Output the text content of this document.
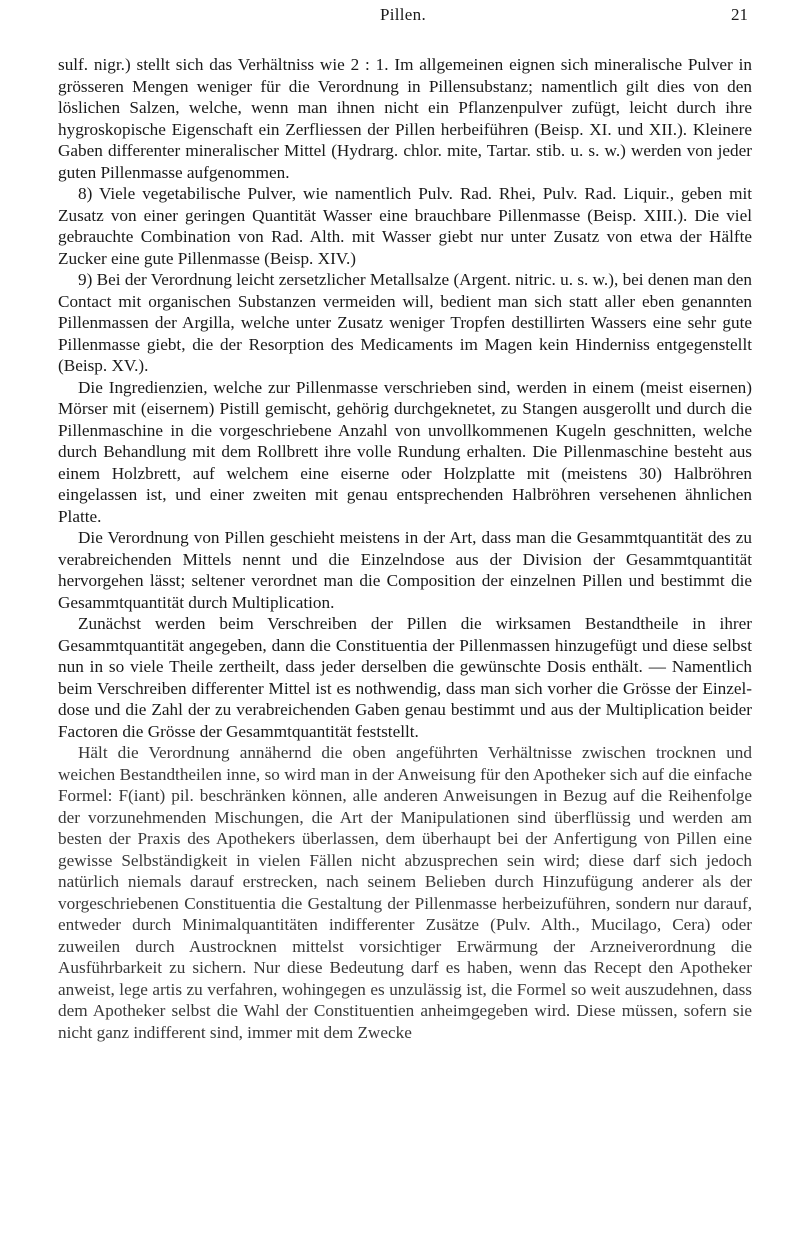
Pillen.	21

sulf. nigr.) stellt sich das Verhältniss wie 2 : 1. Im allgemeinen eignen sich mineralische Pulver in grösseren Mengen weniger für die Verordnung in Pillensubstanz; namentlich gilt dies von den löslichen Salzen, welche, wenn man ihnen nicht ein Pflanzenpulver zufügt, leicht durch ihre hygroskopische Eigenschaft ein Zerfliessen der Pillen herbeiführen (Beisp. XI. und XII.). Kleinere Gaben differenter mineralischer Mittel (Hydrarg. chlor. mite, Tartar. stib. u. s. w.) werden von jeder guten Pillenmasse aufgenommen.

8) Viele vegetabilische Pulver, wie namentlich Pulv. Rad. Rhei, Pulv. Rad. Liquir., geben mit Zusatz von einer geringen Quantität Wasser eine brauchbare Pillenmasse (Beisp. XIII.). Die viel gebrauchte Combination von Rad. Alth. mit Wasser giebt nur unter Zusatz von etwa der Hälfte Zucker eine gute Pillenmasse (Beisp. XIV.)

9) Bei der Verordnung leicht zersetzlicher Metallsalze (Argent. nitric. u. s. w.), bei denen man den Contact mit organischen Substanzen vermeiden will, bedient man sich statt aller eben genannten Pillenmassen der Argilla, welche unter Zusatz weniger Tropfen destillirten Wassers eine sehr gute Pillenmasse giebt, die der Resorption des Medicaments im Magen kein Hinderniss entgegenstellt (Beisp. XV.).

Die Ingredienzien, welche zur Pillenmasse verschrieben sind, werden in einem (meist eisernen) Mörser mit (eisernem) Pistill gemischt, gehörig durchgeknetet, zu Stangen ausgerollt und durch die Pillenmaschine in die vorgeschriebene Anzahl von unvollkommenen Kugeln geschnitten, welche durch Behandlung mit dem Rollbrett ihre volle Rundung erhalten. Die Pillenmaschine besteht aus einem Holzbrett, auf welchem eine eiserne oder Holzplatte mit (meistens 30) Halbröhren eingelassen ist, und einer zweiten mit genau entsprechenden Halbröhren versehenen ähnlichen Platte.

Die Verordnung von Pillen geschieht meistens in der Art, dass man die Gesammtquantität des zu verabreichenden Mittels nennt und die Einzelndose aus der Division der Gesammtquantität hervorgehen lässt; seltener verordnet man die Composition der einzelnen Pillen und bestimmt die Gesammtquantität durch Multiplication.

Zunächst werden beim Verschreiben der Pillen die wirksamen Bestandtheile in ihrer Gesammtquantität angegeben, dann die Constituentia der Pillenmassen hinzugefügt und diese selbst nun in so viele Theile zertheilt, dass jeder derselben die gewünschte Dosis enthält. — Namentlich beim Verschreiben differenter Mittel ist es nothwendig, dass man sich vorher die Grösse der Einzeldose und die Zahl der zu verabreichenden Gaben genau bestimmt und aus der Multiplication beider Factoren die Grösse der Gesammtquantität feststellt.

Hält die Verordnung annähernd die oben angeführten Verhältnisse zwischen trocknen und weichen Bestandtheilen inne, so wird man in der Anweisung für den Apotheker sich auf die einfache Formel: F(iant) pil. beschränken können, alle anderen Anweisungen in Bezug auf die Reihenfolge der vorzunehmenden Mischungen, die Art der Manipulationen sind überflüssig und werden am besten der Praxis des Apothekers überlassen, dem überhaupt bei der Anfertigung von Pillen eine gewisse Selbständigkeit in vielen Fällen nicht abzusprechen sein wird; diese darf sich jedoch natürlich niemals darauf erstrecken, nach seinem Belieben durch Hinzufügung anderer als der vorgeschriebenen Constituentia die Gestaltung der Pillenmasse herbeizuführen, sondern nur darauf, entweder durch Minimalquantitäten indifferenter Zusätze (Pulv. Alth., Mucilago, Cera) oder zuweilen durch Austrocknen mittelst vorsichtiger Erwärmung der Arzneiverordnung die Ausführbarkeit zu sichern. Nur diese Bedeutung darf es haben, wenn das Recept den Apotheker anweist, lege artis zu verfahren, wohingegen es unzulässig ist, die Formel so weit auszudehnen, dass dem Apotheker selbst die Wahl der Constituentien anheimgegeben wird. Diese müssen, sofern sie nicht ganz indifferent sind, immer mit dem Zwecke
